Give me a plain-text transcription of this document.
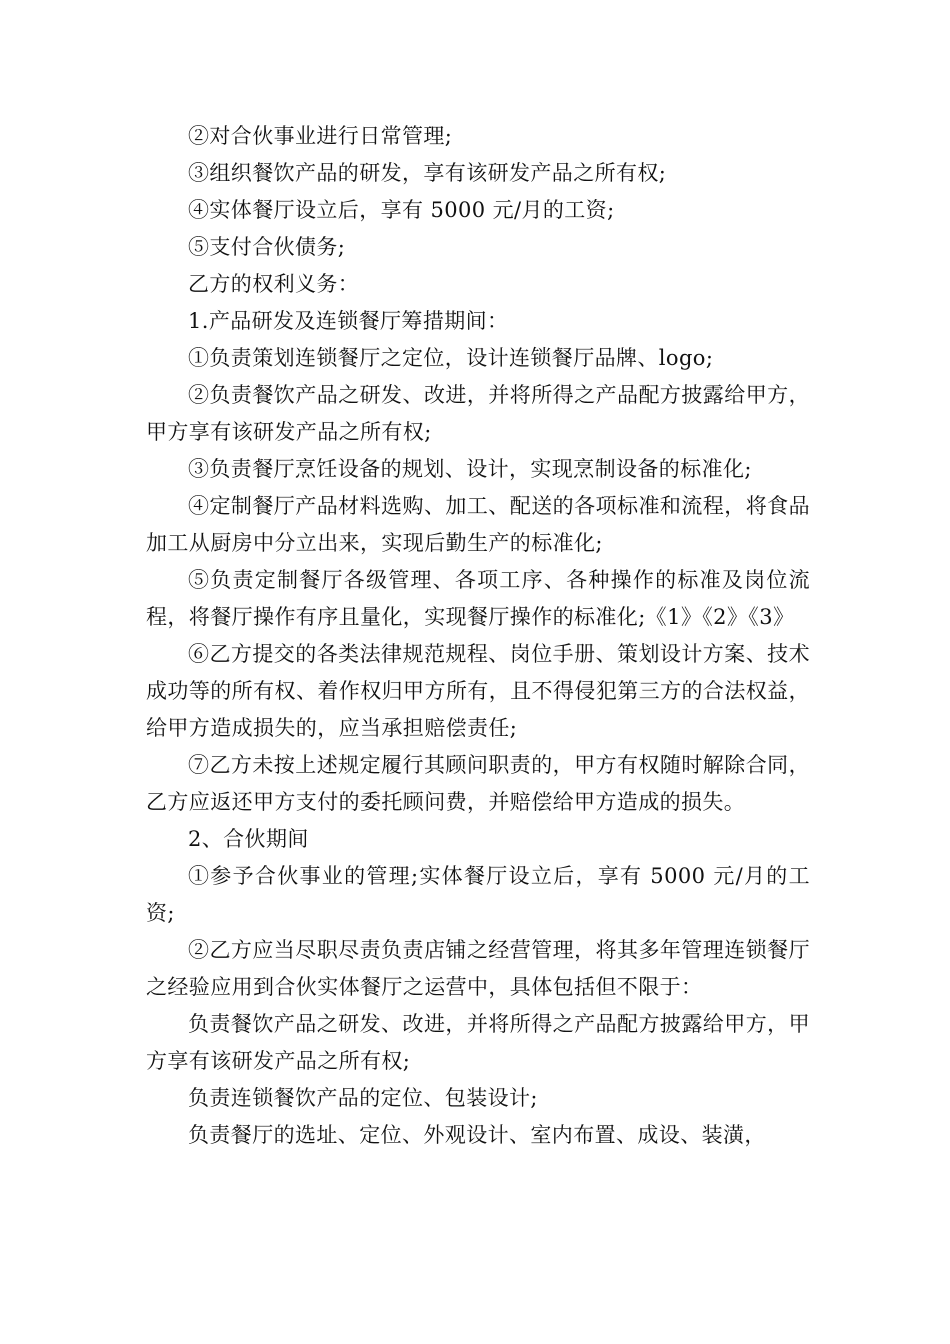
②对合伙事业进行日常管理;

③组织餐饮产品的研发，享有该研发产品之所有权;

④实体餐厅设立后，享有 5000 元/月的工资;

⑤支付合伙债务;

乙方的权利义务：

1.产品研发及连锁餐厅筹措期间：

①负责策划连锁餐厅之定位，设计连锁餐厅品牌、logo;

②负责餐饮产品之研发、改进，并将所得之产品配方披露给甲方，甲方享有该研发产品之所有权;

③负责餐厅烹饪设备的规划、设计，实现烹制设备的标准化;

④定制餐厅产品材料选购、加工、配送的各项标准和流程，将食品加工从厨房中分立出来，实现后勤生产的标准化;

⑤负责定制餐厅各级管理、各项工序、各种操作的标准及岗位流程，将餐厅操作有序且量化，实现餐厅操作的标准化;《1》《2》《3》

⑥乙方提交的各类法律规范规程、岗位手册、策划设计方案、技术成功等的所有权、着作权归甲方所有，且不得侵犯第三方的合法权益，给甲方造成损失的，应当承担赔偿责任;

⑦乙方未按上述规定履行其顾问职责的，甲方有权随时解除合同，乙方应返还甲方支付的委托顾问费，并赔偿给甲方造成的损失。

2、合伙期间

①参予合伙事业的管理;实体餐厅设立后，享有 5000 元/月的工资;

②乙方应当尽职尽责负责店铺之经营管理，将其多年管理连锁餐厅之经验应用到合伙实体餐厅之运营中，具体包括但不限于：

负责餐饮产品之研发、改进，并将所得之产品配方披露给甲方，甲方享有该研发产品之所有权;

负责连锁餐饮产品的定位、包装设计;

负责餐厅的选址、定位、外观设计、室内布置、成设、装潢，
